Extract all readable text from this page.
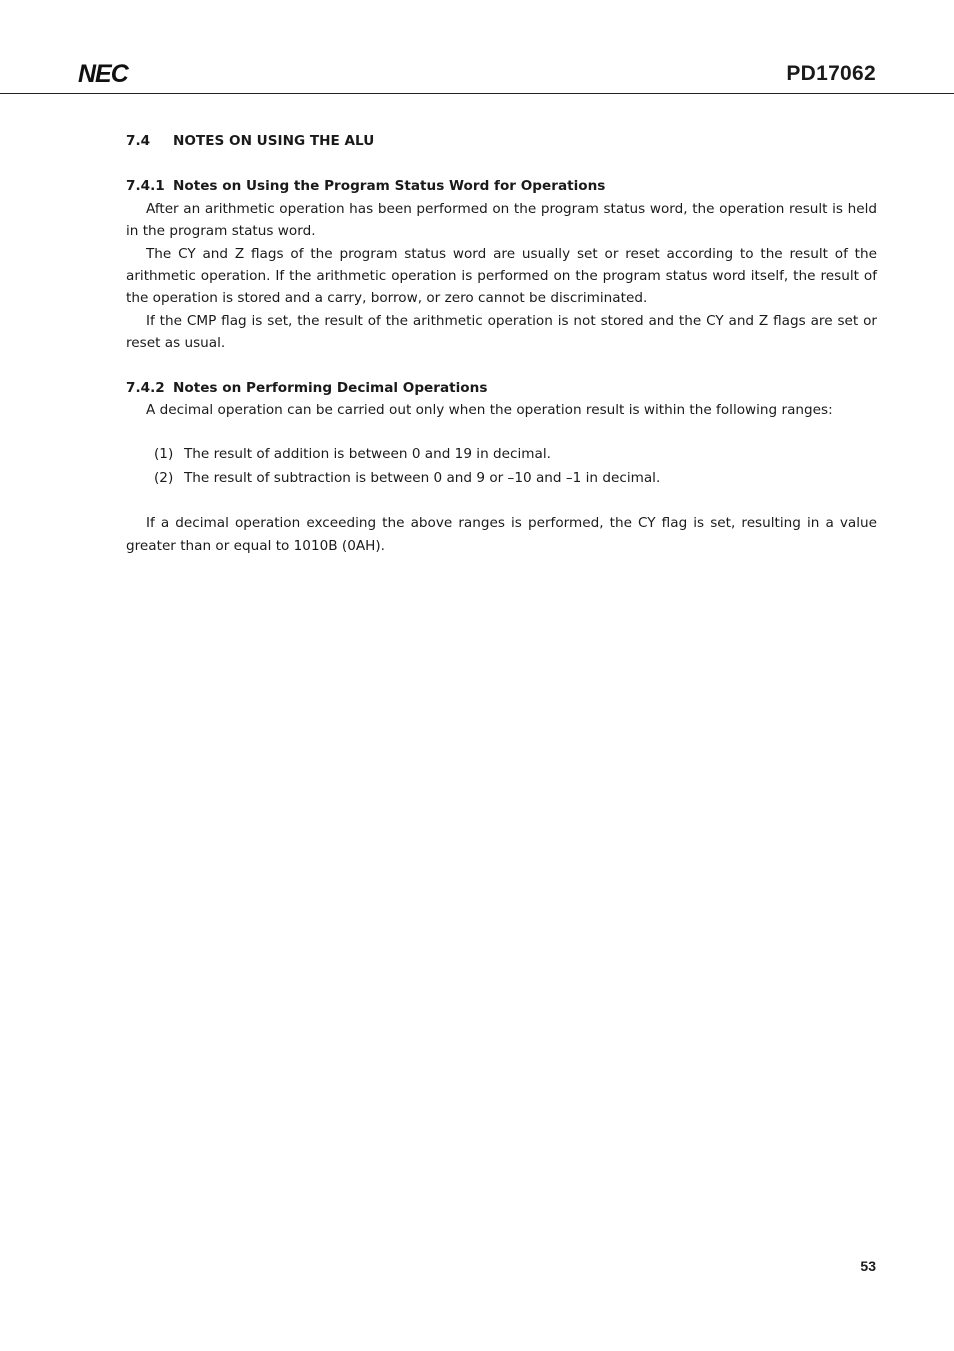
NEC	PD17062
7.4 NOTES ON USING THE ALU
7.4.1 Notes on Using the Program Status Word for Operations

After an arithmetic operation has been performed on the program status word, the operation result is held in the program status word.

The CY and Z flags of the program status word are usually set or reset according to the result of the arithmetic operation. If the arithmetic operation is performed on the program status word itself, the result of the operation is stored and a carry, borrow, or zero cannot be discriminated.

If the CMP flag is set, the result of the arithmetic operation is not stored and the CY and Z flags are set or reset as usual.

7.4.2 Notes on Performing Decimal Operations

A decimal operation can be carried out only when the operation result is within the following ranges:

(1) The result of addition is between 0 and 19 in decimal.
(2) The result of subtraction is between 0 and 9 or –10 and –1 in decimal.

If a decimal operation exceeding the above ranges is performed, the CY flag is set, resulting in a value greater than or equal to 1010B (0AH).

53
